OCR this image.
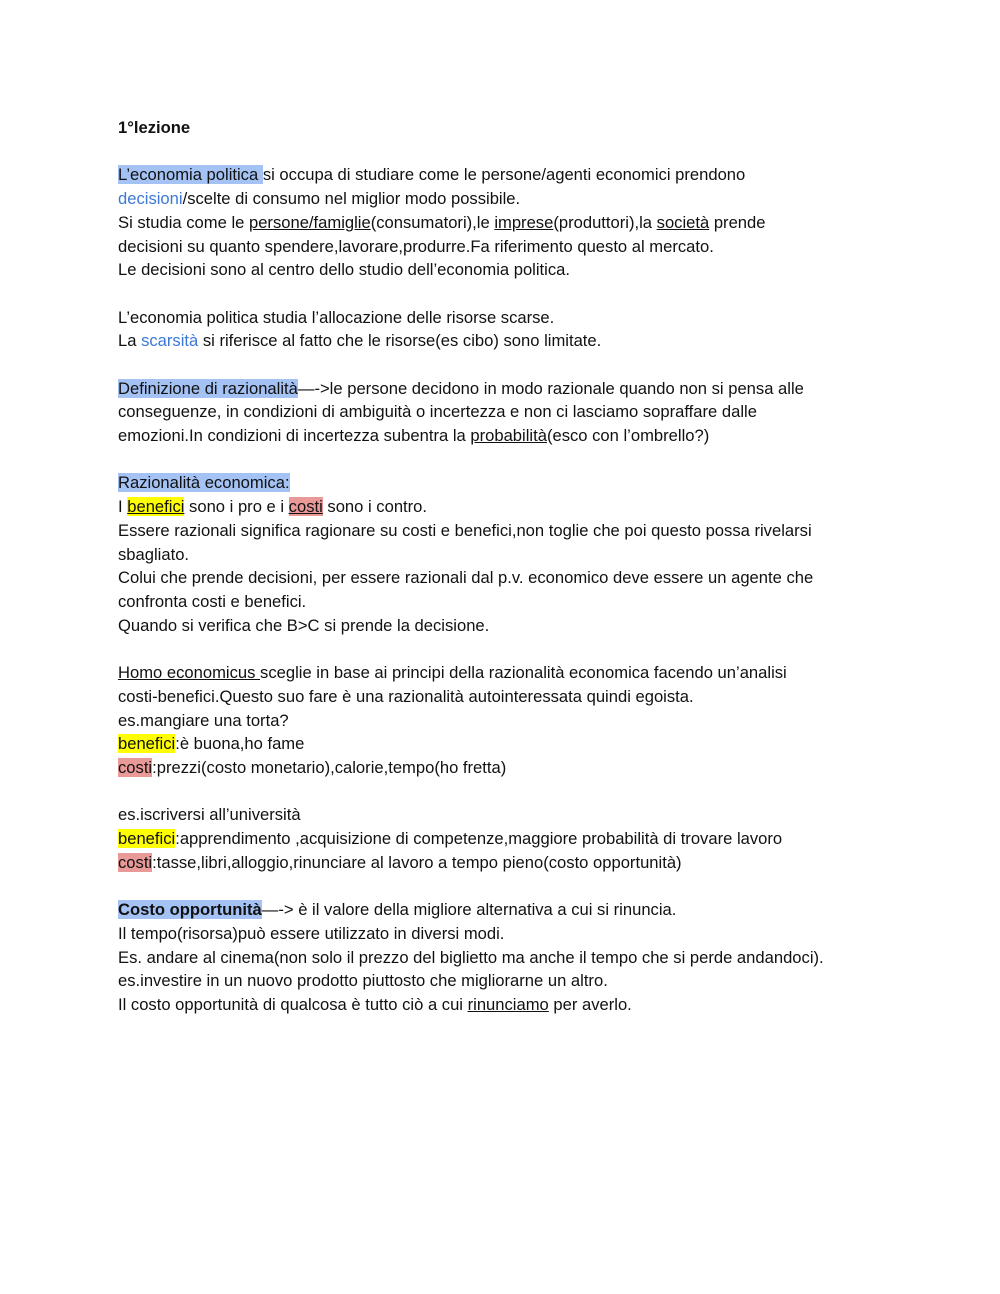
1°lezione
L’economia politica si occupa di studiare come le persone/agenti economici prendono
decisioni/scelte di consumo nel miglior modo possibile.
Si studia come le persone/famiglie(consumatori),le imprese(produttori),la società prende
decisioni su quanto spendere,lavorare,produrre.Fa riferimento questo al mercato.
Le decisioni sono al centro dello studio dell’economia politica.
L’economia politica studia l’allocazione delle risorse scarse.
La scarsità si riferisce al fatto che le risorse(es cibo) sono limitate.
Definizione di razionalità—->le persone decidono in modo razionale quando non si pensa alle
conseguenze, in condizioni di ambiguità o incertezza e non ci lasciamo sopraffare dalle
emozioni.In condizioni di incertezza subentra la probabilità(esco con l’ombrello?)
Razionalità economica:
I benefici sono i pro e i costi sono i contro.
Essere razionali significa ragionare su costi e benefici,non toglie che poi questo possa rivelarsi
sbagliato.
Colui che prende decisioni, per essere razionali dal p.v. economico deve essere un agente che
confronta costi e benefici.
Quando si verifica che B>C si prende la decisione.
Homo economicus sceglie in base ai principi della razionalità economica facendo un’analisi
costi-benefici.Questo suo fare è una razionalità autointeressata quindi egoista.
es.mangiare una torta?
benefici:è buona,ho fame
costi:prezzi(costo monetario),calorie,tempo(ho fretta)
es.iscriversi all’università
benefici:apprendimento ,acquisizione di competenze,maggiore probabilità di trovare lavoro
costi:tasse,libri,alloggio,rinunciare al lavoro a tempo pieno(costo opportunità)
Costo opportunità—-> è il valore della migliore alternativa a cui si rinuncia.
Il tempo(risorsa)può essere utilizzato in diversi modi.
Es. andare al cinema(non solo il prezzo del biglietto ma anche il tempo che si perde andandoci).
es.investire in un nuovo prodotto piuttosto che migliorarne un altro.
Il costo opportunità di qualcosa è tutto ciò a cui rinunciamo per averlo.
